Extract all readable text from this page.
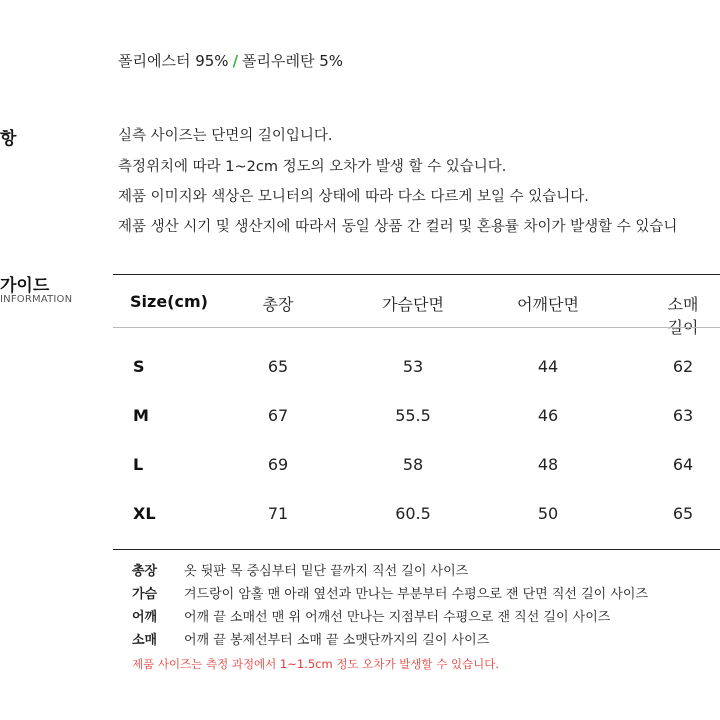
폴리에스터 95% / 폴리우레탄 5%
항	실측 사이즈는 단면의 길이입니다.
측정위치에 따라 1~2cm 정도의 오차가 발생 할 수 있습니다.
제품 이미지와 색상은 모니터의 상태에 따라 다소 다르게 보일 수 있습니다.
제품 생산 시기 및 생산지에 따라서 동일 상품 간 컬러 및 혼용률 차이가 발생할 수 있습니
가이드
INFORMATION	Size(cm)	총장	가슴단면	어깨단면	소매길이
S	65	53	44	62
M	67	55.5	46	63
L	69	58	48	64
XL	71	60.5	50	65
총장 옷 뒷판 목 중심부터 밑단 끝까지 직선 길이 사이즈
가슴 겨드랑이 암홀 맨 아래 옆선과 만나는 부분부터 수평으로 잰 단면 직선 길이 사이즈
어깨 어깨 끝 소매선 맨 위 어깨선 만나는 지점부터 수평으로 잰 직선 길이 사이즈
소매 어깨 끝 봉제선부터 소매 끝 소맷단까지의 길이 사이즈
제품 사이즈는 측정 과정에서 1~1.5cm 정도 오차가 발생할 수 있습니다.
